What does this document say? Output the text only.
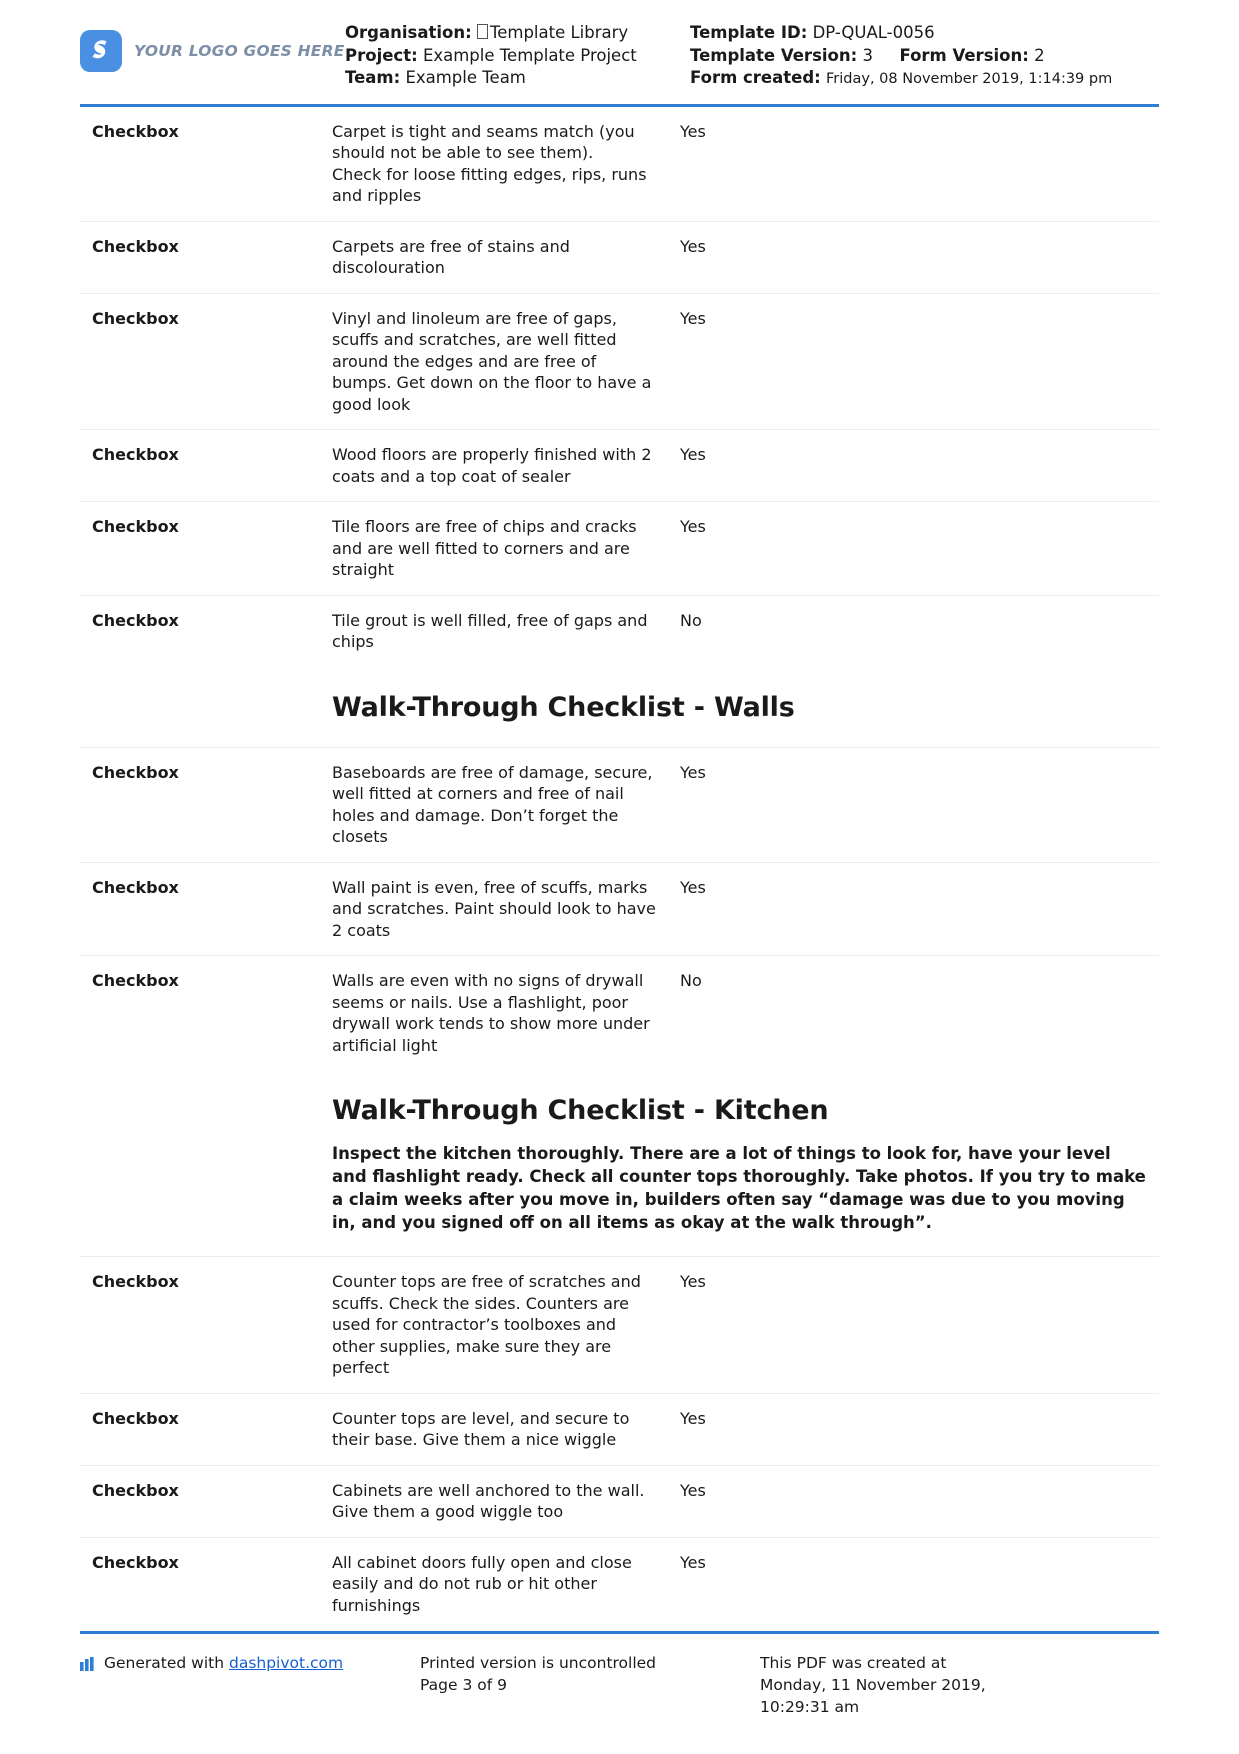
YOUR LOGO GOES HERE
Organisation: Template Library
Project: Example Template Project
Team: Example Team
Template ID: DP-QUAL-0056
Template Version: 3 Form Version: 2
Form created: Friday, 08 November 2019, 1:14:39 pm
Checkbox	Carpet is tight and seams match (you should not be able to see them).
Check for loose fitting edges, rips, runs and ripples
Yes
Checkbox	Carpets are free of stains and discolouration
Yes
Checkbox	Vinyl and linoleum are free of gaps, scuffs and scratches, are well fitted around the edges and are free of bumps. Get down on the floor to have a good look
Yes
Checkbox	Wood floors are properly finished with 2 coats and a top coat of sealer
Yes
Checkbox	Tile floors are free of chips and cracks and are well fitted to corners and are straight
Yes
Checkbox	Tile grout is well filled, free of gaps and chips
No
Walk-Through Checklist - Walls
Checkbox	Baseboards are free of damage, secure, well fitted at corners and free of nail holes and damage. Don’t forget the closets
Yes
Checkbox	Wall paint is even, free of scuffs, marks and scratches. Paint should look to have 2 coats
Yes
Checkbox	Walls are even with no signs of drywall seems or nails. Use a flashlight, poor drywall work tends to show more under artificial light
No
Walk-Through Checklist - Kitchen
Inspect the kitchen thoroughly. There are a lot of things to look for, have your level and flashlight ready. Check all counter tops thoroughly. Take photos. If you try to make a claim weeks after you move in, builders often say “damage was due to you moving in, and you signed off on all items as okay at the walk through”.
Checkbox	Counter tops are free of scratches and scuffs. Check the sides. Counters are used for contractor’s toolboxes and other supplies, make sure they are perfect
Yes
Checkbox	Counter tops are level, and secure to their base. Give them a nice wiggle
Yes
Checkbox	Cabinets are well anchored to the wall. Give them a good wiggle too
Yes
Checkbox	All cabinet doors fully open and close easily and do not rub or hit other furnishings
Yes
Generated with dashpivot.com	Printed version is uncontrolled
Page 3 of 9
This PDF was created at
Monday, 11 November 2019,
10:29:31 am
